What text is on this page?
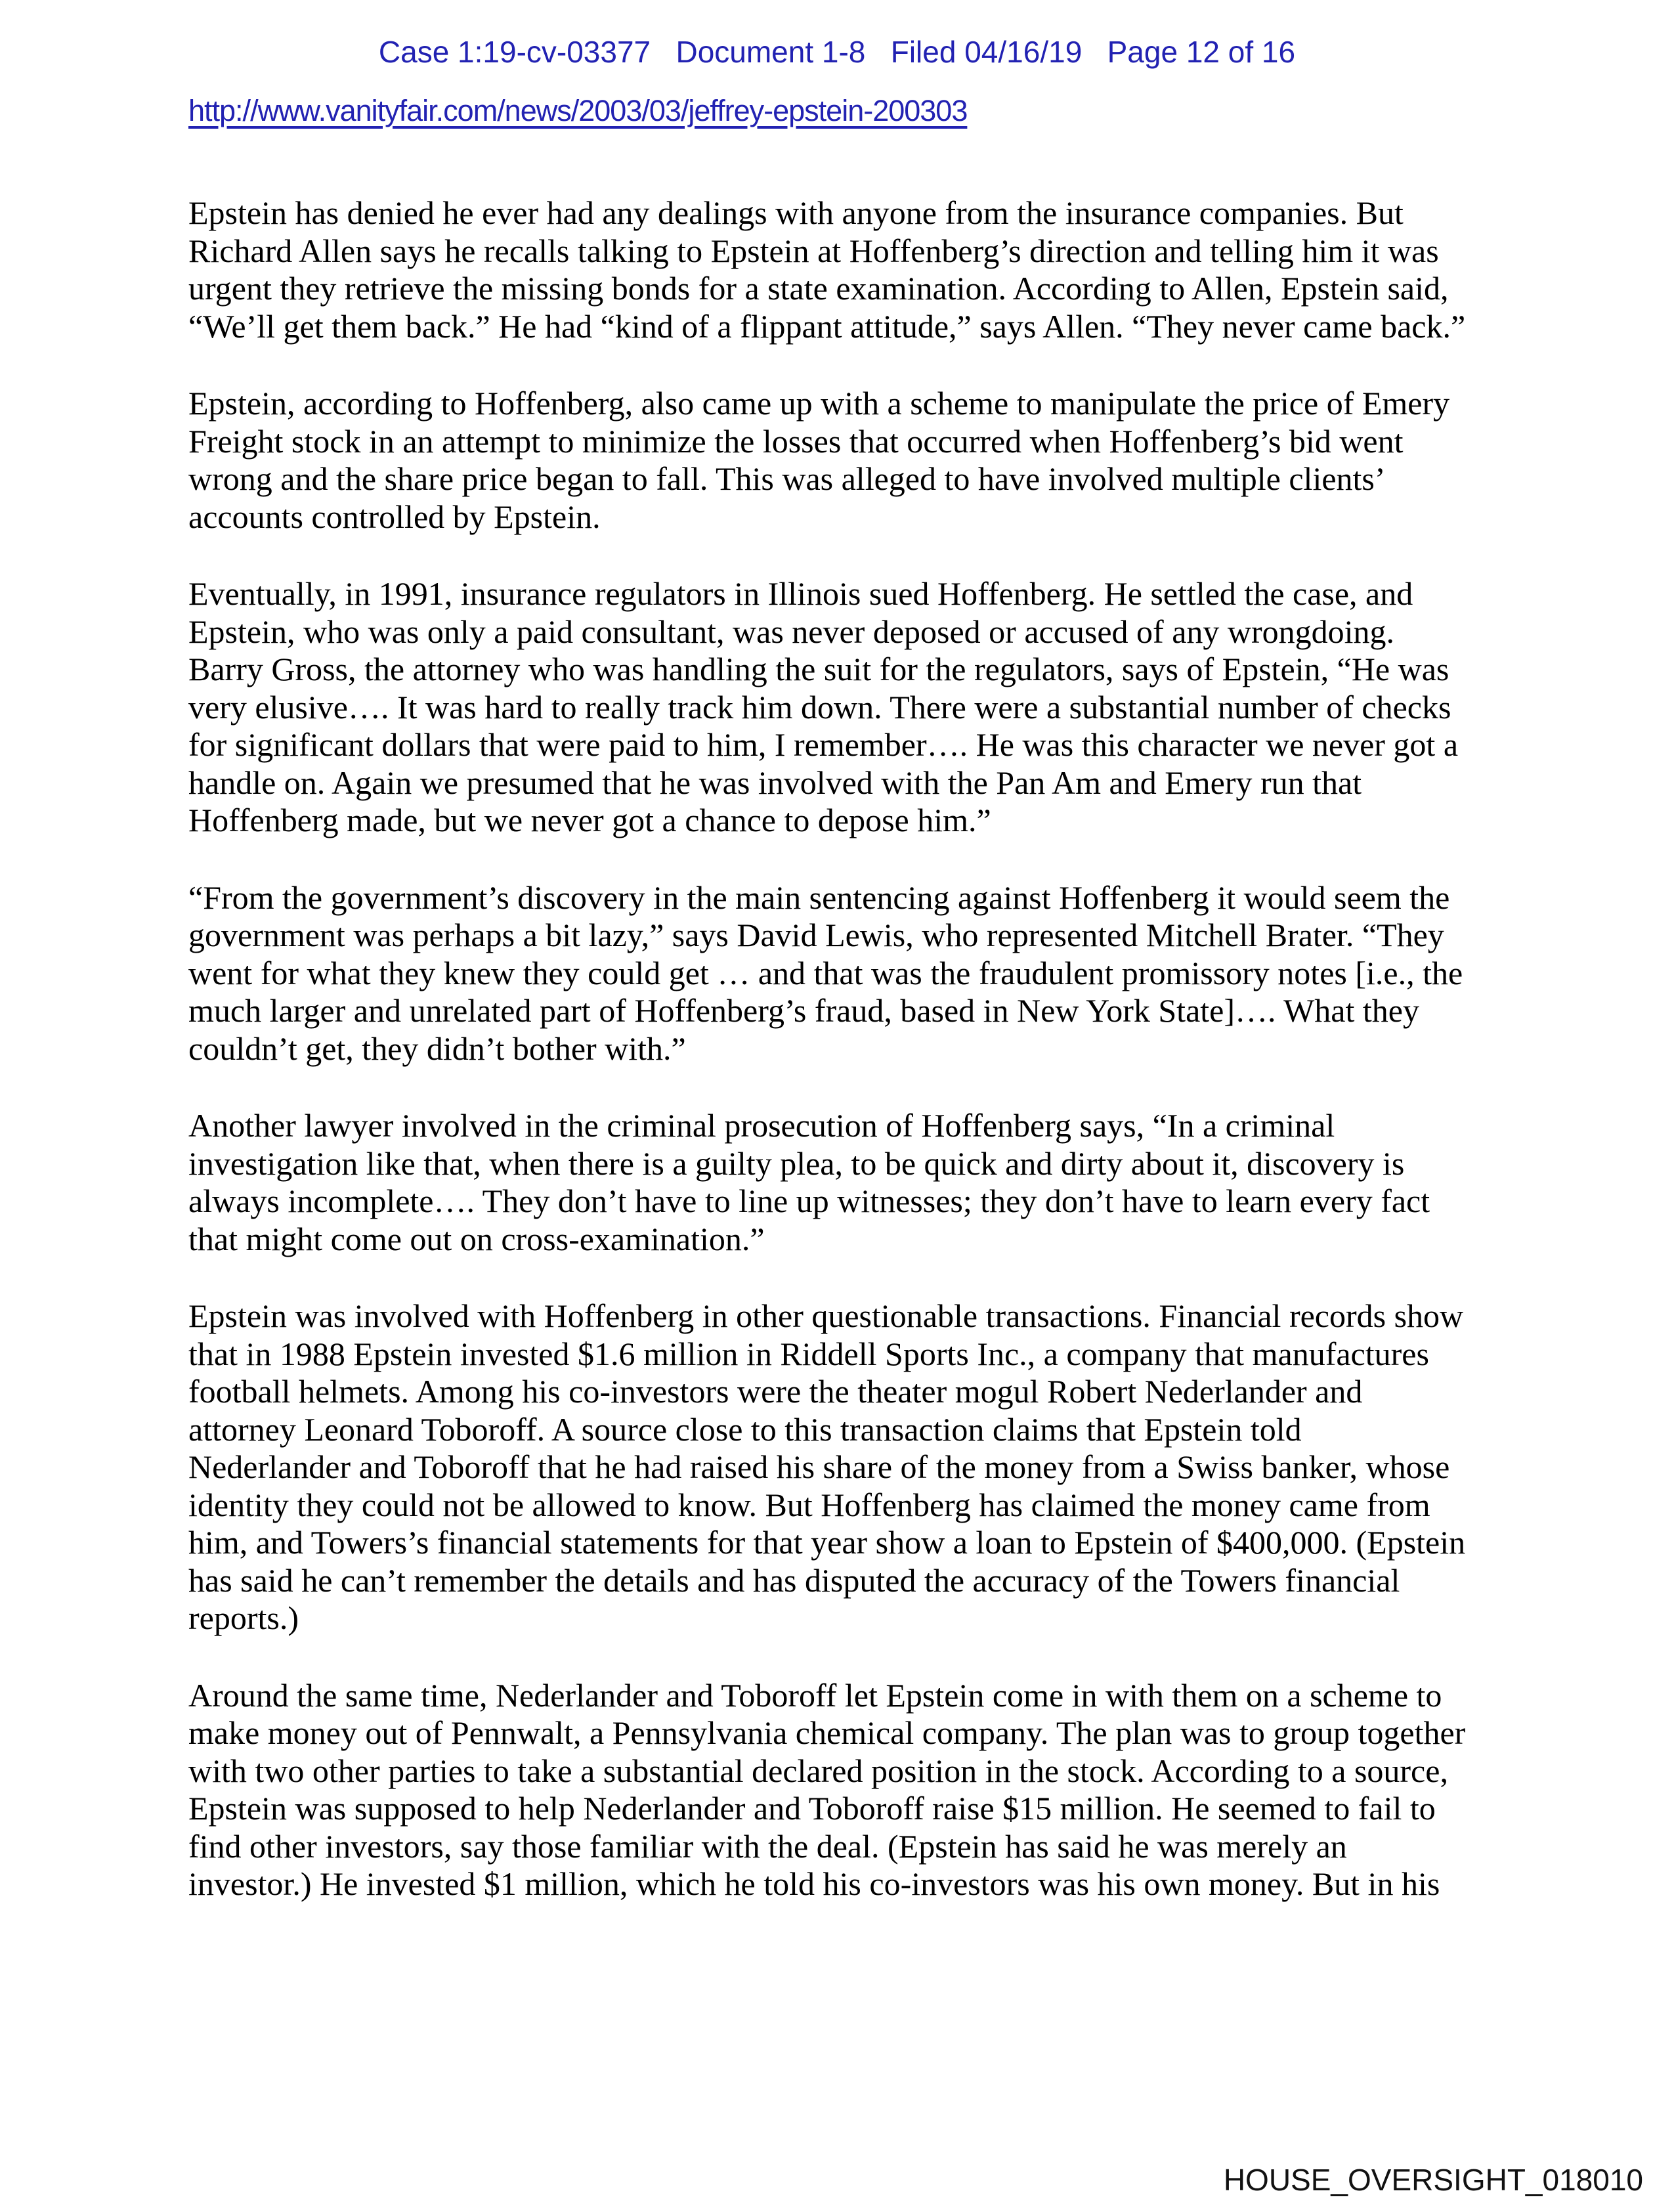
Case 1:19-cv-03377   Document 1-8   Filed 04/16/19   Page 12 of 16
http://www.vanityfair.com/news/2003/03/jeffrey-epstein-200303

Epstein has denied he ever had any dealings with anyone from the insurance companies. But Richard Allen says he recalls talking to Epstein at Hoffenberg’s direction and telling him it was urgent they retrieve the missing bonds for a state examination. According to Allen, Epstein said, “We’ll get them back.” He had “kind of a flippant attitude,” says Allen. “They never came back.”

Epstein, according to Hoffenberg, also came up with a scheme to manipulate the price of Emery Freight stock in an attempt to minimize the losses that occurred when Hoffenberg’s bid went wrong and the share price began to fall. This was alleged to have involved multiple clients’ accounts controlled by Epstein.

Eventually, in 1991, insurance regulators in Illinois sued Hoffenberg. He settled the case, and Epstein, who was only a paid consultant, was never deposed or accused of any wrongdoing. Barry Gross, the attorney who was handling the suit for the regulators, says of Epstein, “He was very elusive…. It was hard to really track him down. There were a substantial number of checks for significant dollars that were paid to him, I remember…. He was this character we never got a handle on. Again we presumed that he was involved with the Pan Am and Emery run that Hoffenberg made, but we never got a chance to depose him.”

“From the government’s discovery in the main sentencing against Hoffenberg it would seem the government was perhaps a bit lazy,” says David Lewis, who represented Mitchell Brater. “They went for what they knew they could get … and that was the fraudulent promissory notes [i.e., the much larger and unrelated part of Hoffenberg’s fraud, based in New York State]…. What they couldn’t get, they didn’t bother with.”

Another lawyer involved in the criminal prosecution of Hoffenberg says, “In a criminal investigation like that, when there is a guilty plea, to be quick and dirty about it, discovery is always incomplete…. They don’t have to line up witnesses; they don’t have to learn every fact that might come out on cross-examination.”

Epstein was involved with Hoffenberg in other questionable transactions. Financial records show that in 1988 Epstein invested $1.6 million in Riddell Sports Inc., a company that manufactures football helmets. Among his co-investors were the theater mogul Robert Nederlander and attorney Leonard Toboroff. A source close to this transaction claims that Epstein told Nederlander and Toboroff that he had raised his share of the money from a Swiss banker, whose identity they could not be allowed to know. But Hoffenberg has claimed the money came from him, and Towers’s financial statements for that year show a loan to Epstein of $400,000. (Epstein has said he can’t remember the details and has disputed the accuracy of the Towers financial reports.)

Around the same time, Nederlander and Toboroff let Epstein come in with them on a scheme to make money out of Pennwalt, a Pennsylvania chemical company. The plan was to group together with two other parties to take a substantial declared position in the stock. According to a source, Epstein was supposed to help Nederlander and Toboroff raise $15 million. He seemed to fail to find other investors, say those familiar with the deal. (Epstein has said he was merely an investor.) He invested $1 million, which he told his co-investors was his own money. But in his

HOUSE_OVERSIGHT_018010
